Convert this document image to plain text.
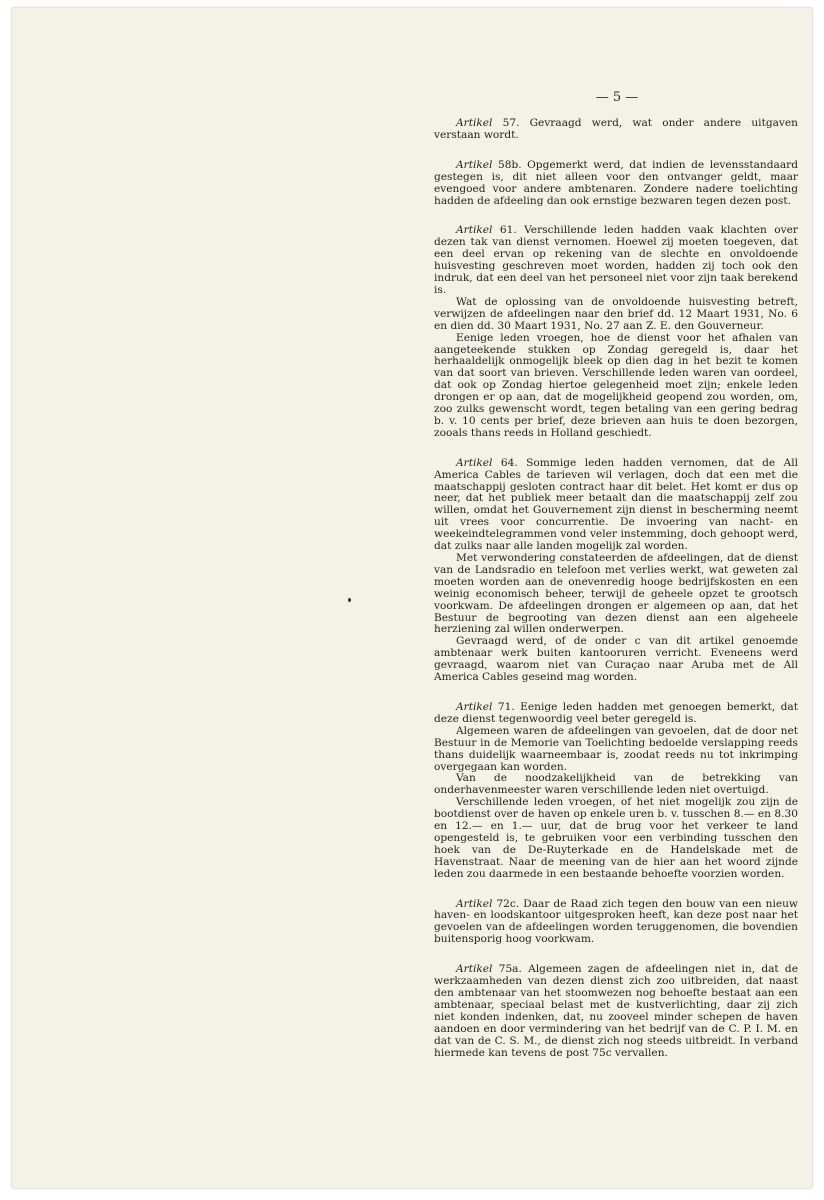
— 5 —

Artikel 57. Gevraagd werd, wat onder andere uitgaven verstaan wordt.

Artikel 58b. Opgemerkt werd, dat indien de levensstandaard gestegen is, dit niet alleen voor den ontvanger geldt, maar evengoed voor andere ambtenaren. Zondere nadere toelichting hadden de afdeeling dan ook ernstige bezwaren tegen dezen post.

Artikel 61. Verschillende leden hadden vaak klachten over dezen tak van dienst vernomen. Hoewel zij moeten toegeven, dat een deel ervan op rekening van de slechte en onvoldoende huisvesting geschreven moet worden, hadden zij toch ook den indruk, dat een deel van het personeel niet voor zijn taak berekend is.

Wat de oplossing van de onvoldoende huisvesting betreft, verwijzen de afdeelingen naar den brief dd. 12 Maart 1931, No. 6 en dien dd. 30 Maart 1931, No. 27 aan Z. E. den Gouverneur.

Eenige leden vroegen, hoe de dienst voor het afhalen van aangeteekende stukken op Zondag geregeld is, daar het herhaaldelijk onmogelijk bleek op dien dag in het bezit te komen van dat soort van brieven. Verschillende leden waren van oordeel, dat ook op Zondag hiertoe gelegenheid moet zijn; enkele leden drongen er op aan, dat de mogelijkheid geopend zou worden, om, zoo zulks gewenscht wordt, tegen betaling van een gering bedrag b. v. 10 cents per brief, deze brieven aan huis te doen bezorgen, zooals thans reeds in Holland geschiedt.

Artikel 64. Sommige leden hadden vernomen, dat de All America Cables de tarieven wil verlagen, doch dat een met die maatschappij gesloten contract haar dit belet. Het komt er dus op neer, dat het publiek meer betaalt dan die maatschappij zelf zou willen, omdat het Gouvernement zijn dienst in bescherming neemt uit vrees voor concurrentie. De invoering van nacht- en weekeindtelegrammen vond veler instemming, doch gehoopt werd, dat zulks naar alle landen mogelijk zal worden.

Met verwondering constateerden de afdeelingen, dat de dienst van de Landsradio en telefoon met verlies werkt, wat geweten zal moeten worden aan de onevenredig hooge bedrijfskosten en een weinig economisch beheer, terwijl de geheele opzet te grootsch voorkwam. De afdeelingen drongen er algemeen op aan, dat het Bestuur de begrooting van dezen dienst aan een algeheele herziening zal willen onderwerpen.

Gevraagd werd, of de onder c van dit artikel genoemde ambtenaar werk buiten kantooruren verricht. Eveneens werd gevraagd, waarom niet van Curaçao naar Aruba met de All America Cables geseind mag worden.

Artikel 71. Eenige leden hadden met genoegen bemerkt, dat deze dienst tegenwoordig veel beter geregeld is.

Algemeen waren de afdeelingen van gevoelen, dat de door net Bestuur in de Memorie van Toelichting bedoelde verslapping reeds thans duidelijk waarneembaar is, zoodat reeds nu tot inkrimping overgegaan kan worden.

Van de noodzakelijkheid van de betrekking van onderhavenmeester waren verschillende leden niet overtuigd.

Verschillende leden vroegen, of het niet mogelijk zou zijn de bootdienst over de haven op enkele uren b. v. tusschen 8.— en 8.30 en 12.— en 1.— uur, dat de brug voor het verkeer te land opengesteld is, te gebruiken voor een verbinding tusschen den hoek van de De-Ruyterkade en de Handelskade met de Havenstraat. Naar de meening van de hier aan het woord zijnde leden zou daarmede in een bestaande behoefte voorzien worden.

Artikel 72c. Daar de Raad zich tegen den bouw van een nieuw haven- en loodskantoor uitgesproken heeft, kan deze post naar het gevoelen van de afdeelingen worden teruggenomen, die bovendien buitensporig hoog voorkwam.

Artikel 75a. Algemeen zagen de afdeelingen niet in, dat de werkzaamheden van dezen dienst zich zoo uitbreiden, dat naast den ambtenaar van het stoomwezen nog behoefte bestaat aan een ambtenaar, speciaal belast met de kustverlichting, daar zij zich niet konden indenken, dat, nu zooveel minder schepen de haven aandoen en door vermindering van het bedrijf van de C. P. I. M. en dat van de C. S. M., de dienst zich nog steeds uitbreidt. In verband hiermede kan tevens de post 75c vervallen.
